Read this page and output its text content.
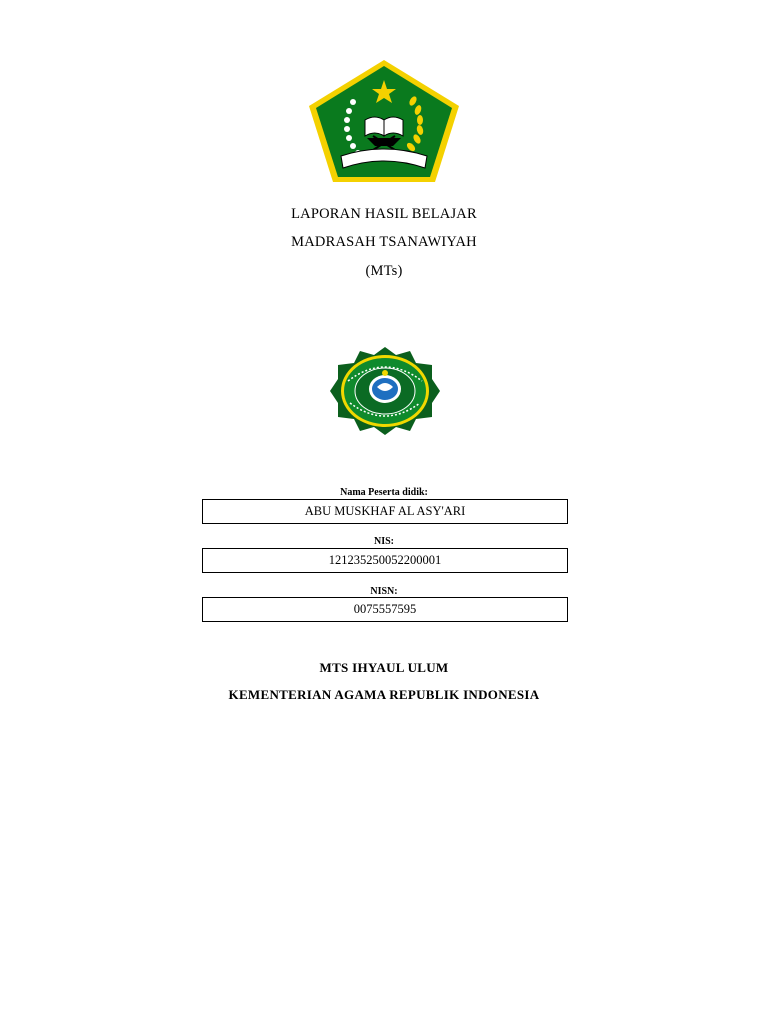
LAPORAN HASIL BELAJAR
MADRASAH TSANAWIYAH
(MTs)
Nama Peserta didik:
ABU MUSKHAF AL ASY'ARI
NIS:
121235250052200001
NISN:
0075557595
MTS IHYAUL ULUM
KEMENTERIAN AGAMA REPUBLIK INDONESIA
